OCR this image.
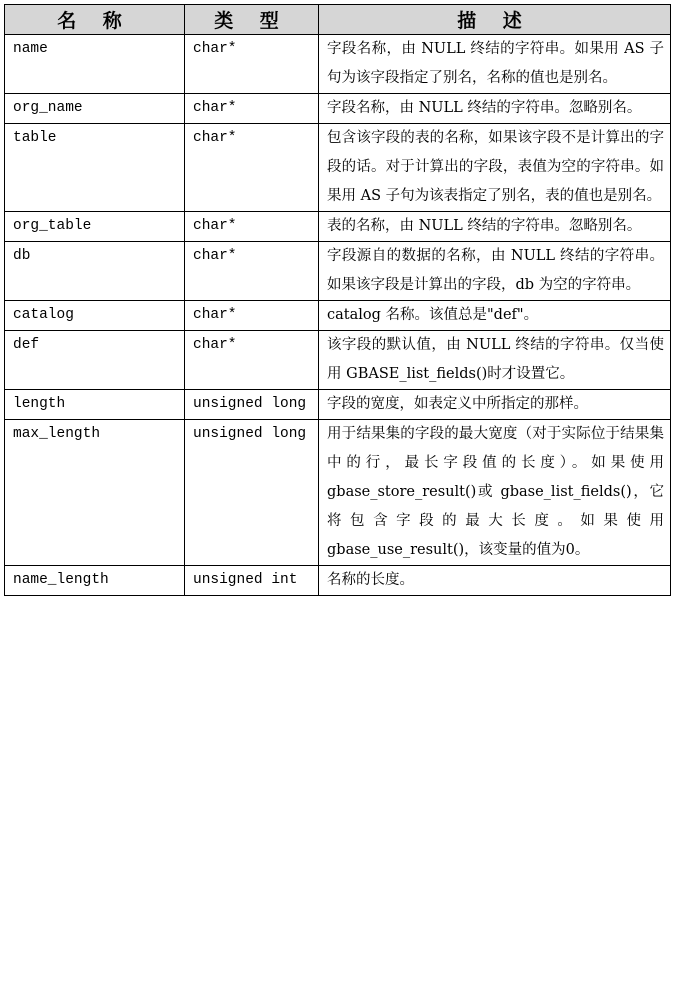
名 称	类 型	描 述
name	char*	字段名称，由 NULL 终结的字符串。如果用 AS 子句为该字段指定了别名，名称的值也是别名。
org_name	char*	字段名称，由 NULL 终结的字符串。忽略别名。
table	char*	包含该字段的表的名称，如果该字段不是计算出的字段的话。对于计算出的字段，表值为空的字符串。如果用 AS 子句为该表指定了别名，表的值也是别名。
org_table	char*	表的名称，由 NULL 终结的字符串。忽略别名。
db	char*	字段源自的数据的名称，由 NULL 终结的字符串。如果该字段是计算出的字段，db 为空的字符串。
catalog	char*	catalog 名称。该值总是"def"。
def	char*	该字段的默认值，由 NULL 终结的字符串。仅当使用 GBASE_list_fields()时才设置它。
length	unsigned long	字段的宽度，如表定义中所指定的那样。
max_length	unsigned long	用于结果集的字段的最大宽度（对于实际位于结果集中的行，最长字段值的长度）。如果使用 gbase_store_result()或 gbase_list_fields()，它将包含字段的最大长度。如果使用 gbase_use_result()，该变量的值为0。
name_length	unsigned int	名称的长度。
